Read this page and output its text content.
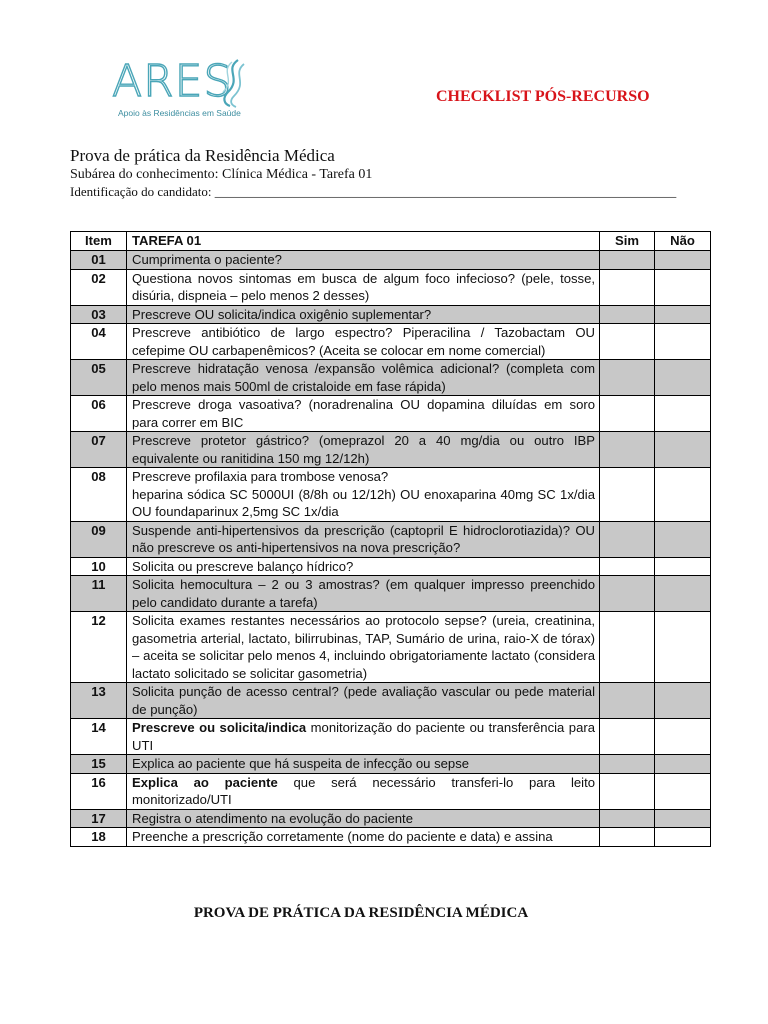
ARES
Apoio às Residências em Saúde
CHECKLIST PÓS-RECURSO
Prova de prática da Residência Médica
Subárea do conhecimento: Clínica Médica - Tarefa 01
Identificação do candidato: _______________________________________________________________________
Item	TAREFA 01	Sim	Não
01	Cumprimenta o paciente?		
02	Questiona novos sintomas em busca de algum foco infecioso? (pele, tosse, disúria, dispneia – pelo menos 2 desses)		
03	Prescreve OU solicita/indica oxigênio suplementar?		
04	Prescreve antibiótico de largo espectro? Piperacilina / Tazobactam OU cefepime OU carbapenêmicos? (Aceita se colocar em nome comercial)		
05	Prescreve hidratação venosa /expansão volêmica adicional? (completa com pelo menos mais 500ml de cristaloide em fase rápida)		
06	Prescreve droga vasoativa? (noradrenalina OU dopamina diluídas em soro para correr em BIC		
07	Prescreve protetor gástrico? (omeprazol 20 a 40 mg/dia ou outro IBP equivalente ou ranitidina 150 mg 12/12h)		
08	Prescreve profilaxia para trombose venosa?
heparina sódica SC 5000UI (8/8h ou 12/12h) OU enoxaparina 40mg SC 1x/dia OU foundaparinux 2,5mg SC 1x/dia		
09	Suspende anti-hipertensivos da prescrição (captopril E hidroclorotiazida)? OU não prescreve os anti-hipertensivos na nova prescrição?		
10	Solicita ou prescreve balanço hídrico?		
11	Solicita hemocultura – 2 ou 3 amostras? (em qualquer impresso preenchido pelo candidato durante a tarefa)		
12	Solicita exames restantes necessários ao protocolo sepse? (ureia, creatinina, gasometria arterial, lactato, bilirrubinas, TAP, Sumário de urina, raio-X de tórax) – aceita se solicitar pelo menos 4, incluindo obrigatoriamente lactato (considera lactato solicitado se solicitar gasometria)		
13	Solicita punção de acesso central? (pede avaliação vascular ou pede material de punção)		
14	Prescreve ou solicita/indica monitorização do paciente ou transferência para UTI		
15	Explica ao paciente que há suspeita de infecção ou sepse		
16	Explica ao paciente que será necessário transferi-lo para leito monitorizado/UTI		
17	Registra o atendimento na evolução do paciente		
18	Preenche a prescrição corretamente (nome do paciente e data) e assina		
PROVA DE PRÁTICA DA RESIDÊNCIA MÉDICA
